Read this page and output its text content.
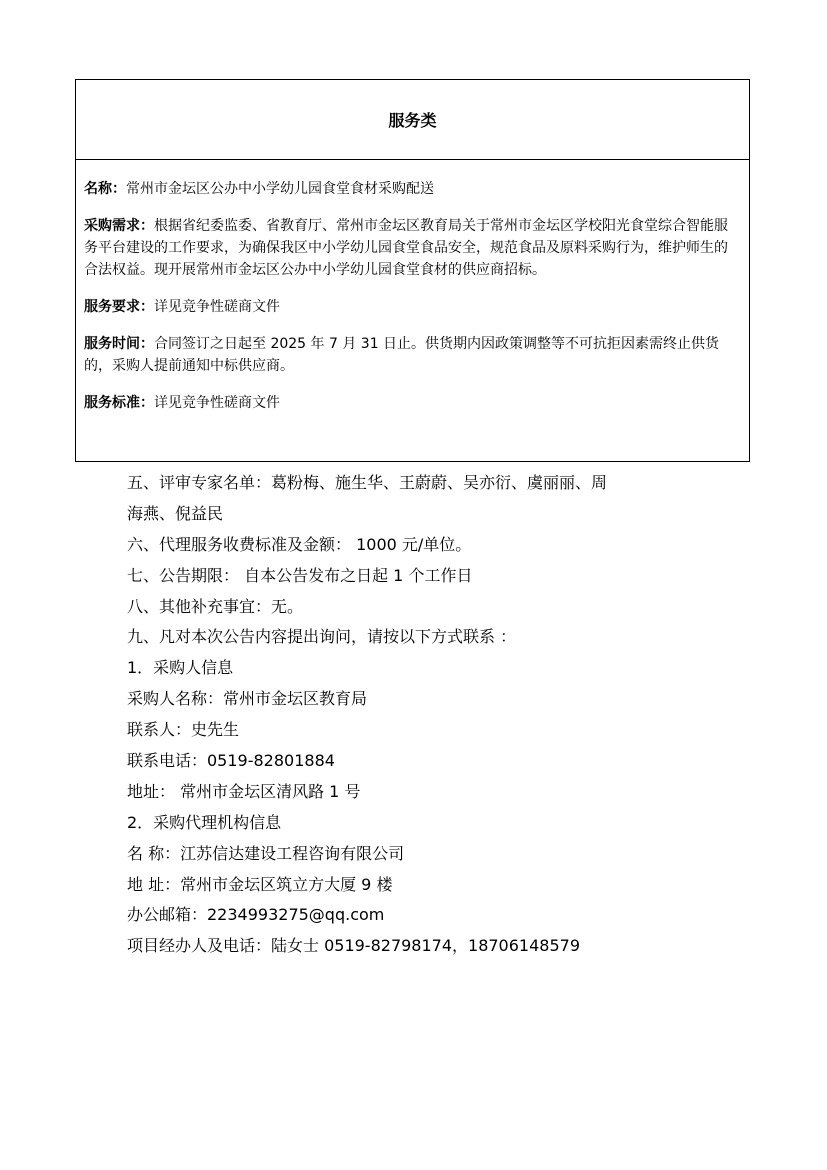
服务类

名称：常州市金坛区公办中小学幼儿园食堂食材采购配送

采购需求：根据省纪委监委、省教育厅、常州市金坛区教育局关于常州市金坛区学校阳光食堂综合智能服务平台建设的工作要求，为确保我区中小学幼儿园食堂食品安全，规范食品及原料采购行为，维护师生的合法权益。现开展常州市金坛区公办中小学幼儿园食堂食材的供应商招标。

服务要求：详见竞争性磋商文件

服务时间：合同签订之日起至 2025 年 7 月 31 日止。供货期内因政策调整等不可抗拒因素需终止供货的，采购人提前通知中标供应商。

服务标准：详见竞争性磋商文件

五、评审专家名单：葛粉梅、施生华、王蔚蔚、吴亦衍、虞丽丽、周
海燕、倪益民
六、代理服务收费标准及金额： 1000 元/单位。
七、公告期限： 自本公告发布之日起 1 个工作日
八、其他补充事宜：无。
九、凡对本次公告内容提出询问，请按以下方式联系 ：
1．采购人信息
采购人名称：常州市金坛区教育局
联系人：史先生
联系电话：0519-82801884
地址： 常州市金坛区清风路 1 号
2．采购代理机构信息
名 称：江苏信达建设工程咨询有限公司
地 址：常州市金坛区筑立方大厦 9 楼
办公邮箱：2234993275@qq.com
项目经办人及电话：陆女士 0519-82798174，18706148579
